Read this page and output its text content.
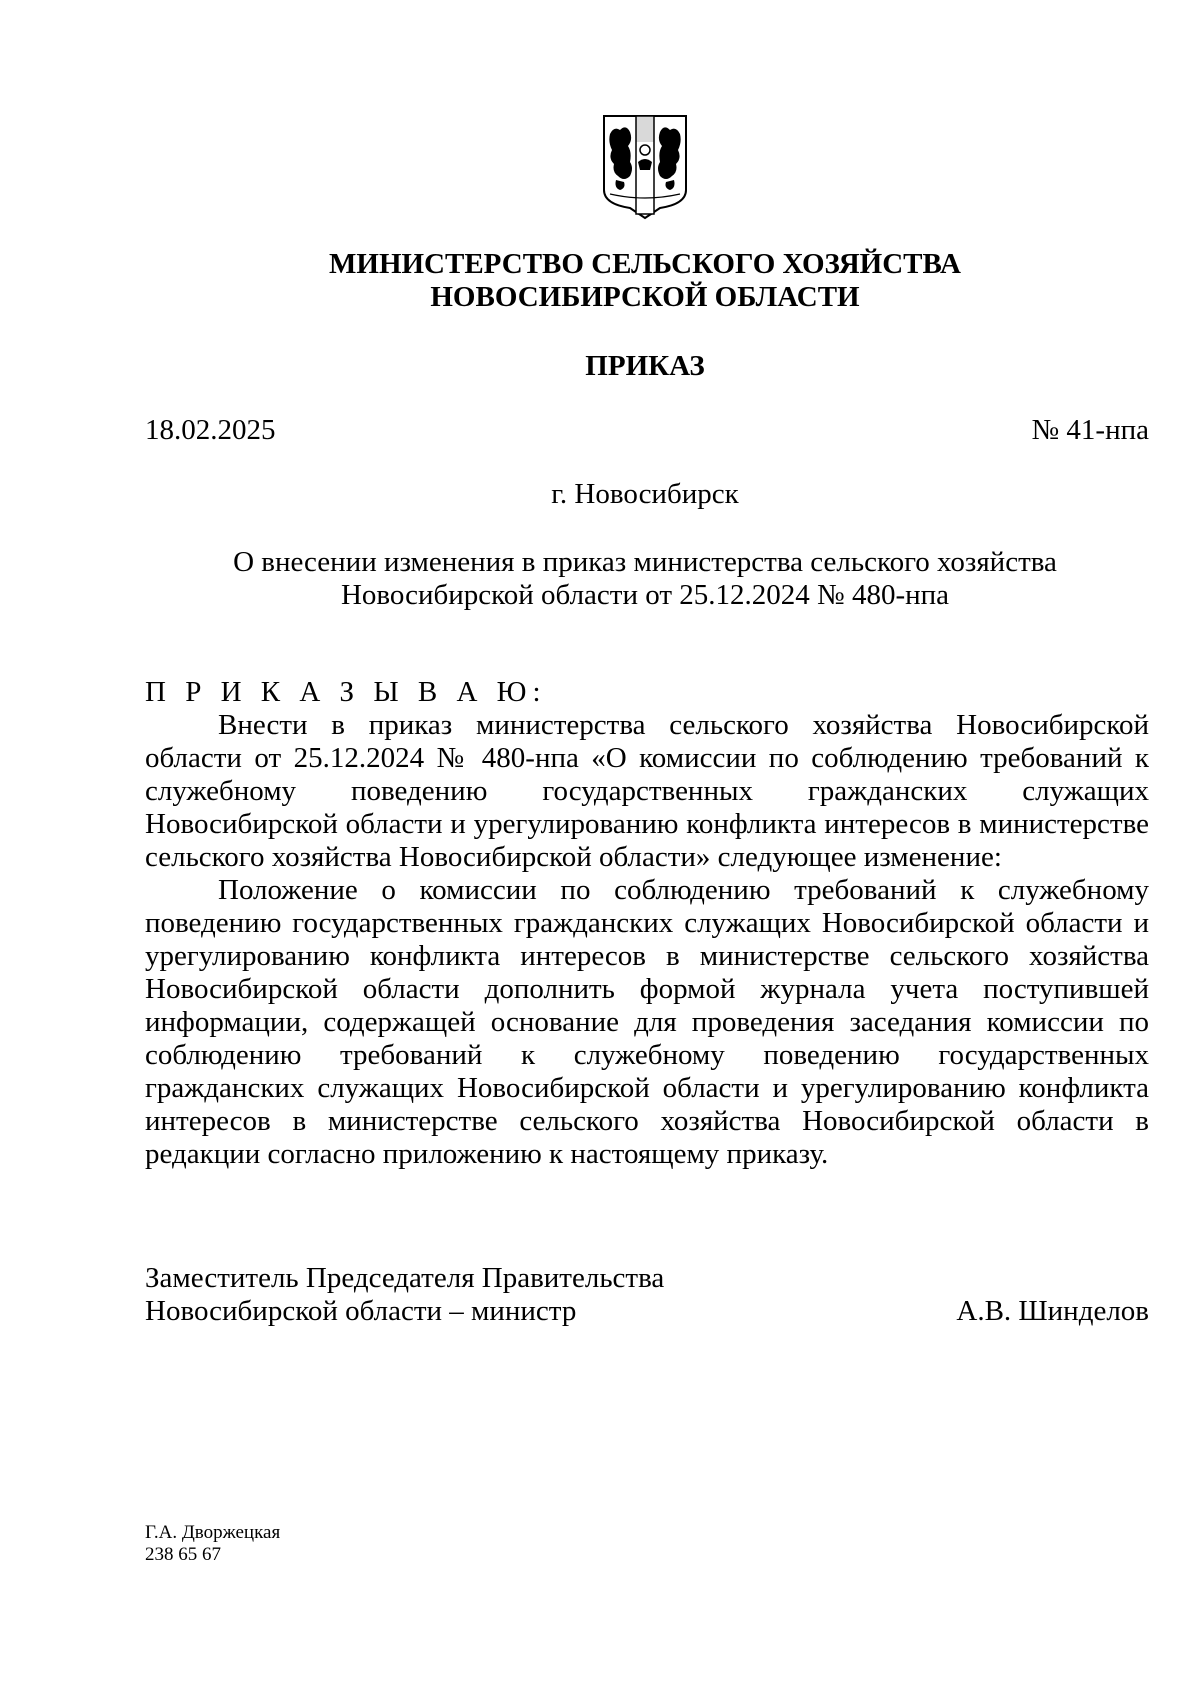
МИНИСТЕРСТВО СЕЛЬСКОГО ХОЗЯЙСТВА
НОВОСИБИРСКОЙ ОБЛАСТИ
ПРИКАЗ
18.02.2025	№ 41-нпа
г. Новосибирск
О внесении изменения в приказ министерства сельского хозяйства
Новосибирской области от 25.12.2024 № 480-нпа
П Р И К А З Ы В А Ю:

Внести в приказ министерства сельского хозяйства Новосибирской области от 25.12.2024 № 480-нпа «О комиссии по соблюдению требований к служебному поведению государственных гражданских служащих Новосибирской области и урегулированию конфликта интересов в министерстве сельского хозяйства Новосибирской области» следующее изменение:

Положение о комиссии по соблюдению требований к служебному поведению государственных гражданских служащих Новосибирской области и урегулированию конфликта интересов в министерстве сельского хозяйства Новосибирской области дополнить формой журнала учета поступившей информации, содержащей основание для проведения заседания комиссии по соблюдению требований к служебному поведению государственных гражданских служащих Новосибирской области и урегулированию конфликта интересов в министерстве сельского хозяйства Новосибирской области в редакции согласно приложению к настоящему приказу.

Заместитель Председателя Правительства
Новосибирской области – министр	А.В. Шинделов
Г.А. Дворжецкая
238 65 67
